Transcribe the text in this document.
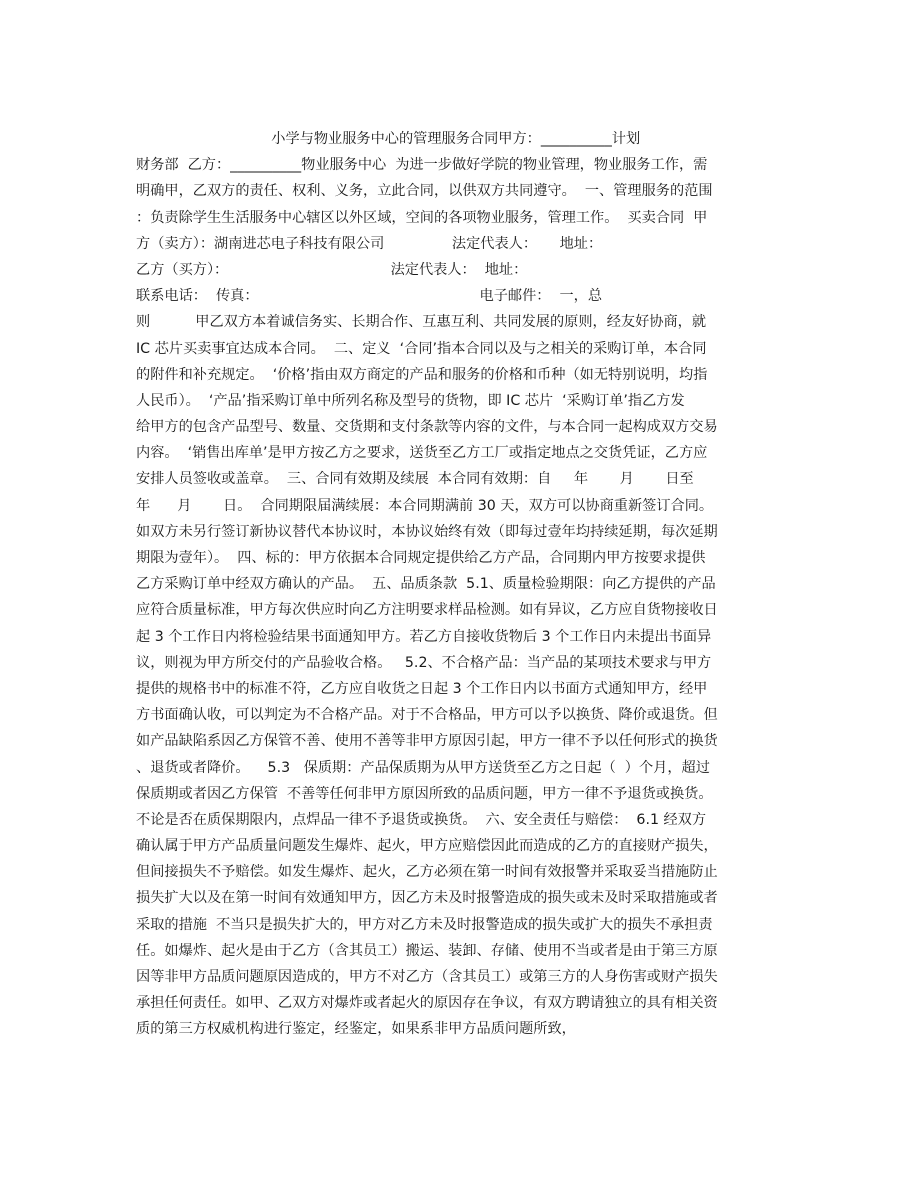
小学与物业服务中心的管理服务合同甲方：__________计划
财务部  乙方：__________物业服务中心  为进一步做好学院的物业管理，物业服务工作，需
明确甲，乙双方的责任、权利、义务，立此合同，以供双方共同遵守。  一、管理服务的范围
：负责除学生生活服务中心辖区以外区域，空间的各项物业服务，管理工作。  买卖合同  甲
方（卖方）：湖南进芯电子科技有限公司               法定代表人：     地址：
乙方（买方）：                                    法定代表人：  地址：
联系电话：  传真：                                                 电子邮件：  一，总
则          甲乙双方本着诚信务实、长期合作、互惠互利、共同发展的原则，经友好协商，就
IC 芯片买卖事宜达成本合同。  二、定义  ‘合同’指本合同以及与之相关的采购订单，本合同
的附件和补充规定。  ‘价格’指由双方商定的产品和服务的价格和币种（如无特别说明，均指
人民币）。  ‘产品’指采购订单中所列名称及型号的货物，即 IC 芯片  ‘采购订单’指乙方发
给甲方的包含产品型号、数量、交货期和支付条款等内容的文件，与本合同一起构成双方交易
内容。  ‘销售出库单’是甲方按乙方之要求，送货至乙方工厂或指定地点之交货凭证，乙方应
安排人员签收或盖章。  三、合同有效期及续展  本合同有效期：自     年       月       日至
年      月       日。  合同期限届满续展：本合同期满前 30 天，双方可以协商重新签订合同。
如双方未另行签订新协议替代本协议时，本协议始终有效（即每过壹年均持续延期，每次延期
期限为壹年）。  四、标的：甲方依据本合同规定提供给乙方产品，合同期内甲方按要求提供
乙方采购订单中经双方确认的产品。  五、品质条款  5.1、质量检验期限：向乙方提供的产品
应符合质量标准，甲方每次供应时向乙方注明要求样品检测。如有异议，乙方应自货物接收日
起 3 个工作日内将检验结果书面通知甲方。若乙方自接收货物后 3 个工作日内未提出书面异
议，则视为甲方所交付的产品验收合格。   5.2、不合格产品：当产品的某项技术要求与甲方
提供的规格书中的标准不符，乙方应自收货之日起 3 个工作日内以书面方式通知甲方，经甲
方书面确认收，可以判定为不合格产品。对于不合格品，甲方可以予以换货、降价或退货。但
如产品缺陷系因乙方保管不善、使用不善等非甲方原因引起，甲方一律不予以任何形式的换货
、退货或者降价。    5.3   保质期：产品保质期为从甲方送货至乙方之日起（  ）个月，超过
保质期或者因乙方保管  不善等任何非甲方原因所致的品质问题，甲方一律不予退货或换货。
不论是否在质保期限内，点焊品一律不予退货或换货。  六、安全责任与赔偿：  6.1 经双方
确认属于甲方产品质量问题发生爆炸、起火，甲方应赔偿因此而造成的乙方的直接财产损失，
但间接损失不予赔偿。如发生爆炸、起火，乙方必须在第一时间有效报警并采取妥当措施防止
损失扩大以及在第一时间有效通知甲方，因乙方未及时报警造成的损失或未及时采取措施或者
采取的措施  不当只是损失扩大的，甲方对乙方未及时报警造成的损失或扩大的损失不承担责
任。如爆炸、起火是由于乙方（含其员工）搬运、装卸、存储、使用不当或者是由于第三方原
因等非甲方品质问题原因造成的，甲方不对乙方（含其员工）或第三方的人身伤害或财产损失
承担任何责任。如甲、乙双方对爆炸或者起火的原因存在争议，有双方聘请独立的具有相关资
质的第三方权威机构进行鉴定，经鉴定，如果系非甲方品质问题所致，
